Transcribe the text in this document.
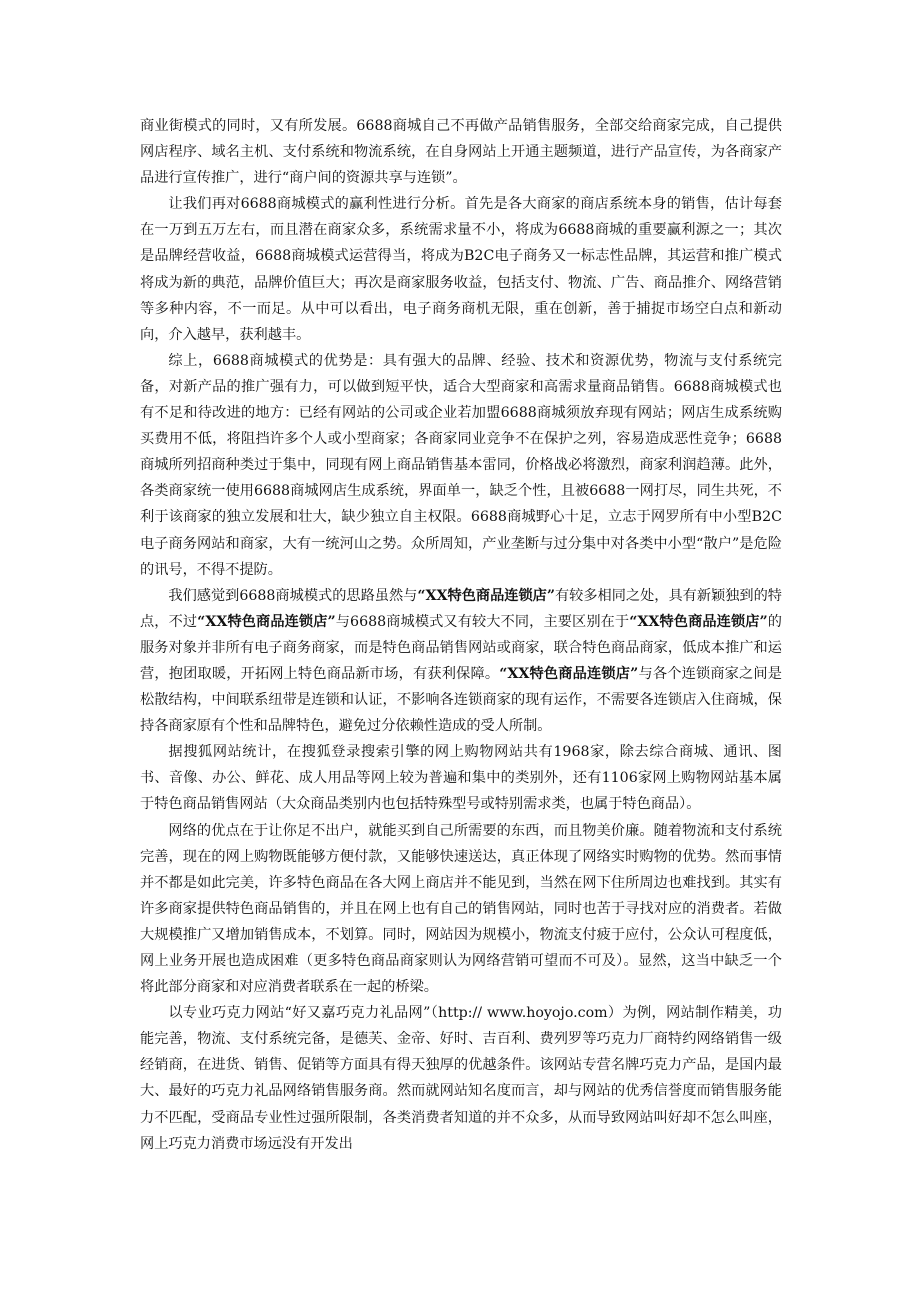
商业街模式的同时，又有所发展。6688商城自己不再做产品销售服务，全部交给商家完成，自己提供网店程序、域名主机、支付系统和物流系统，在自身网站上开通主题频道，进行产品宣传，为各商家产品进行宣传推广，进行“商户间的资源共享与连锁”。

让我们再对6688商城模式的赢利性进行分析。首先是各大商家的商店系统本身的销售，估计每套在一万到五万左右，而且潜在商家众多，系统需求量不小，将成为6688商城的重要赢利源之一；其次是品牌经营收益，6688商城模式运营得当，将成为B2C电子商务又一标志性品牌，其运营和推广模式将成为新的典范，品牌价值巨大；再次是商家服务收益，包括支付、物流、广告、商品推介、网络营销等多种内容，不一而足。从中可以看出，电子商务商机无限，重在创新，善于捕捉市场空白点和新动向，介入越早，获利越丰。

综上，6688商城模式的优势是：具有强大的品牌、经验、技术和资源优势，物流与支付系统完备，对新产品的推广强有力，可以做到短平快，适合大型商家和高需求量商品销售。6688商城模式也有不足和待改进的地方：已经有网站的公司或企业若加盟6688商城须放弃现有网站；网店生成系统购买费用不低，将阻挡许多个人或小型商家；各商家同业竞争不在保护之列，容易造成恶性竞争；6688商城所列招商种类过于集中，同现有网上商品销售基本雷同，价格战必将激烈，商家利润趋薄。此外，各类商家统一使用6688商城网店生成系统，界面单一，缺乏个性，且被6688一网打尽，同生共死，不利于该商家的独立发展和壮大，缺少独立自主权限。6688商城野心十足，立志于网罗所有中小型B2C电子商务网站和商家，大有一统河山之势。众所周知，产业垄断与过分集中对各类中小型“散户”是危险的讯号，不得不提防。

我们感觉到6688商城模式的思路虽然与“XX特色商品连锁店”有较多相同之处，具有新颖独到的特点，不过“XX特色商品连锁店”与6688商城模式又有较大不同，主要区别在于“XX特色商品连锁店”的服务对象并非所有电子商务商家，而是特色商品销售网站或商家，联合特色商品商家，低成本推广和运营，抱团取暖，开拓网上特色商品新市场，有获利保障。“XX特色商品连锁店”与各个连锁商家之间是松散结构，中间联系纽带是连锁和认证，不影响各连锁商家的现有运作，不需要各连锁店入住商城，保持各商家原有个性和品牌特色，避免过分依赖性造成的受人所制。

据搜狐网站统计，在搜狐登录搜索引擎的网上购物网站共有1968家，除去综合商城、通讯、图书、音像、办公、鲜花、成人用品等网上较为普遍和集中的类别外，还有1106家网上购物网站基本属于特色商品销售网站（大众商品类别内也包括特殊型号或特别需求类，也属于特色商品）。

网络的优点在于让你足不出户，就能买到自己所需要的东西，而且物美价廉。随着物流和支付系统完善，现在的网上购物既能够方便付款，又能够快速送达，真正体现了网络实时购物的优势。然而事情并不都是如此完美，许多特色商品在各大网上商店并不能见到，当然在网下住所周边也难找到。其实有许多商家提供特色商品销售的，并且在网上也有自己的销售网站，同时也苦于寻找对应的消费者。若做大规模推广又增加销售成本，不划算。同时，网站因为规模小，物流支付疲于应付，公众认可程度低，网上业务开展也造成困难（更多特色商品商家则认为网络营销可望而不可及）。显然，这当中缺乏一个将此部分商家和对应消费者联系在一起的桥梁。

以专业巧克力网站“好又嘉巧克力礼品网”（http:// www.hoyojo.com）为例，网站制作精美，功能完善，物流、支付系统完备，是德芙、金帝、好时、吉百利、费列罗等巧克力厂商特约网络销售一级经销商，在进货、销售、促销等方面具有得天独厚的优越条件。该网站专营名牌巧克力产品，是国内最大、最好的巧克力礼品网络销售服务商。然而就网站知名度而言，却与网站的优秀信誉度而销售服务能力不匹配，受商品专业性过强所限制，各类消费者知道的并不众多，从而导致网站叫好却不怎么叫座，网上巧克力消费市场远没有开发出
